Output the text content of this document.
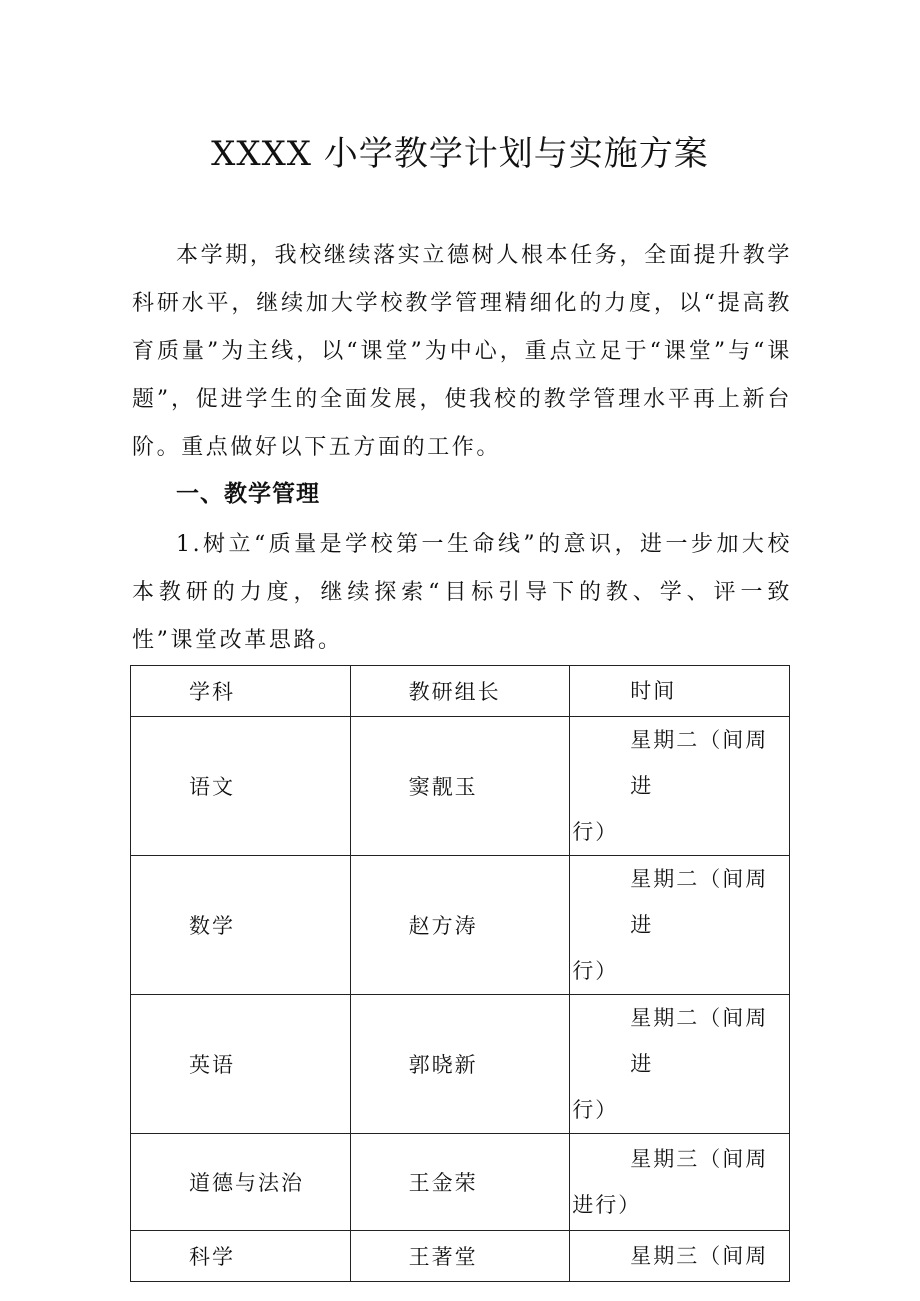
XXXX 小学教学计划与实施方案

本学期，我校继续落实立德树人根本任务，全面提升教学科研水平，继续加大学校教学管理精细化的力度，以“提高教育质量”为主线，以“课堂”为中心，重点立足于“课堂”与“课题”，促进学生的全面发展，使我校的教学管理水平再上新台阶。重点做好以下五方面的工作。

一、教学管理

1.树立“质量是学校第一生命线”的意识，进一步加大校本教研的力度，继续探索“目标引导下的教、学、评一致性”课堂改革思路。

学科	教研组长	时间
语文	窦靓玉	星期二（间周进
行）
数学	赵方涛	星期二（间周进
行）
英语	郭晓新	星期二（间周进
行）
道德与法治	王金荣	星期三（间周
进行）
科学	王著堂	星期三（间周
